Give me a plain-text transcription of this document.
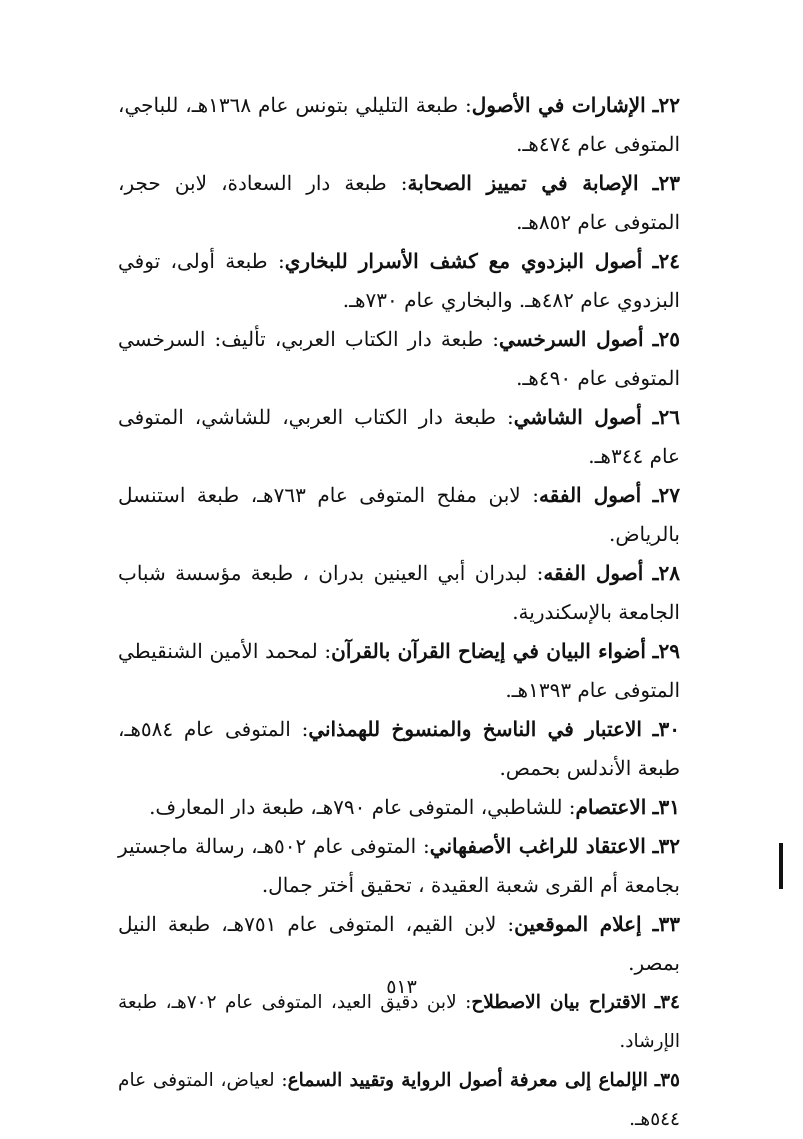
٢٢ـ الإشارات في الأصول: طبعة التليلي بتونس عام ١٣٦٨هـ، للباجي، المتوفى عام ٤٧٤هـ.

٢٣ـ الإصابة في تمييز الصحابة: طبعة دار السعادة، لابن حجر، المتوفى عام ٨٥٢هـ.

٢٤ـ أصول البزدوي مع كشف الأسرار للبخاري: طبعة أولى، توفي البزدوي عام ٤٨٢هـ. والبخاري عام ٧٣٠هـ.

٢٥ـ أصول السرخسي: طبعة دار الكتاب العربي، تأليف: السرخسي المتوفى عام ٤٩٠هـ.

٢٦ـ أصول الشاشي: طبعة دار الكتاب العربي، للشاشي، المتوفى عام ٣٤٤هـ.

٢٧ـ أصول الفقه: لابن مفلح المتوفى عام ٧٦٣هـ، طبعة استنسل بالرياض.

٢٨ـ أصول الفقه: لبدران أبي العينين بدران ، طبعة مؤسسة شباب الجامعة بالإسكندرية.

٢٩ـ أضواء البيان في إيضاح القرآن بالقرآن: لمحمد الأمين الشنقيطي المتوفى عام ١٣٩٣هـ.

٣٠ـ الاعتبار في الناسخ والمنسوخ للهمذاني: المتوفى عام ٥٨٤هـ، طبعة الأندلس بحمص.

٣١ـ الاعتصام: للشاطبي، المتوفى عام ٧٩٠هـ، طبعة دار المعارف.

٣٢ـ الاعتقاد للراغب الأصفهاني: المتوفى عام ٥٠٢هـ، رسالة ماجستير بجامعة أم القرى شعبة العقيدة ، تحقيق أختر جمال.

٣٣ـ إعلام الموقعين: لابن القيم، المتوفى عام ٧٥١هـ، طبعة النيل بمصر.

٣٤ـ الاقتراح بيان الاصطلاح: لابن دقيق العيد، المتوفى عام ٧٠٢هـ، طبعة الإرشاد.

٣٥ـ الإلماع إلى معرفة أصول الرواية وتقييد السماع: لعياض، المتوفى عام ٥٤٤هـ.

٥١٣
